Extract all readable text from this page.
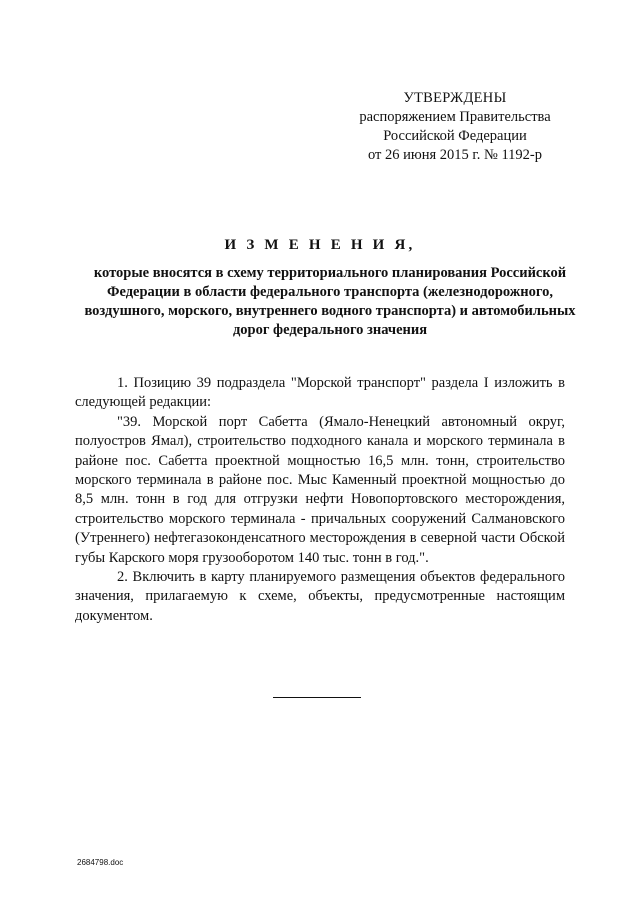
УТВЕРЖДЕНЫ
распоряжением Правительства
Российской Федерации
от 26 июня 2015 г. № 1192-р
И З М Е Н Е Н И Я,
которые вносятся в схему территориального планирования Российской Федерации в области федерального транспорта (железнодорожного, воздушного, морского, внутреннего водного транспорта) и автомобильных дорог федерального значения

1. Позицию 39 подраздела "Морской транспорт" раздела I изложить в следующей редакции:

"39. Морской порт Сабетта (Ямало-Ненецкий автономный округ, полуостров Ямал), строительство подходного канала и морского терминала в районе пос. Сабетта проектной мощностью 16,5 млн. тонн, строительство морского терминала в районе пос. Мыс Каменный проектной мощностью до 8,5 млн. тонн в год для отгрузки нефти Новопортовского месторождения, строительство морского терминала - причальных сооружений Салмановского (Утреннего) нефтегазоконденсатного месторождения в северной части Обской губы Карского моря грузооборотом 140 тыс. тонн в год.".

2. Включить в карту планируемого размещения объектов федерального значения, прилагаемую к схеме, объекты, предусмотренные настоящим документом.

2684798.doc
